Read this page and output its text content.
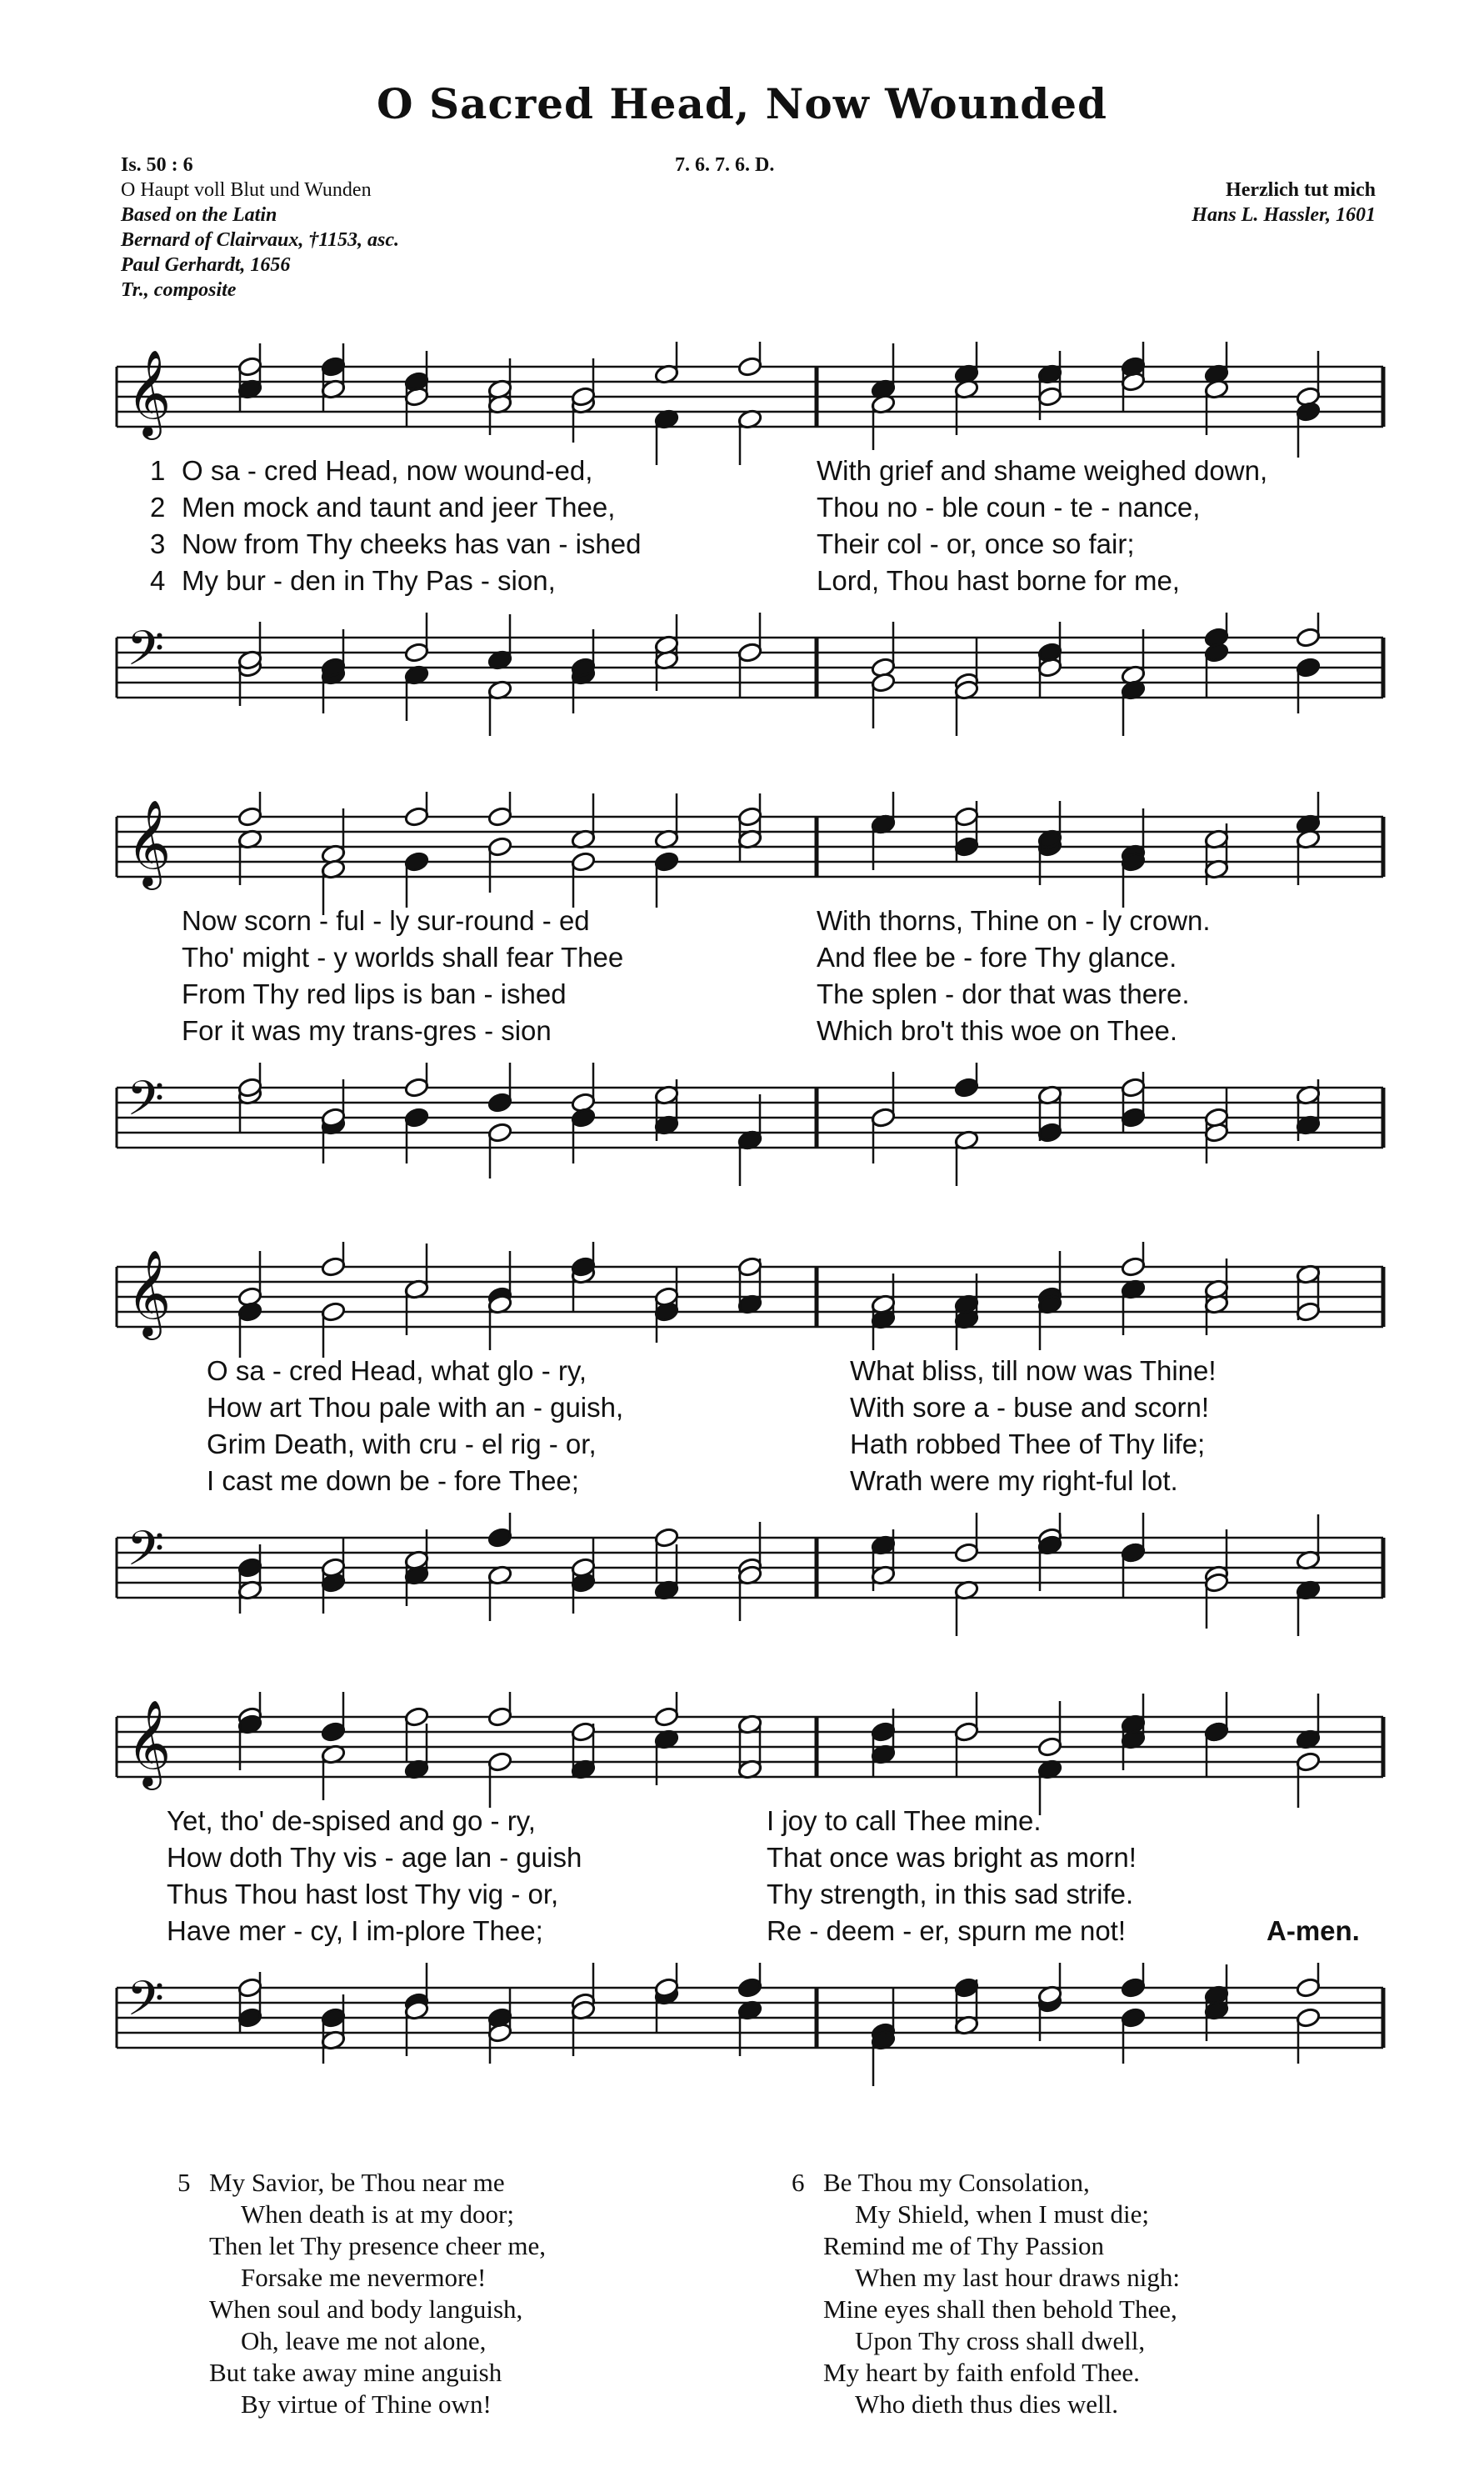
O Sacred Head, Now Wounded
Is. 50 : 6
O Haupt voll Blut und Wunden
Based on the Latin
Bernard of Clairvaux, †1153, asc.
Paul Gerhardt, 1656
Tr., composite
7. 6. 7. 6. D.
Herzlich tut mich
Hans L. Hassler, 1601
𝄞
1 O sa - cred Head, now wound-ed,	With grief and shame weighed down,
2 Men mock and taunt and jeer Thee,	Thou no - ble coun - te - nance,
3 Now from Thy cheeks has van - ished	Their col - or, once so fair;
4 My bur - den in Thy Pas - sion,	Lord, Thou hast borne for me,
𝄢
𝄞
Now scorn - ful - ly sur-round - ed	With thorns, Thine on - ly crown.
Tho' might - y worlds shall fear Thee	And flee be - fore Thy glance.
From Thy red lips is ban - ished	The splen - dor that was there.
For it was my trans-gres - sion	Which bro't this woe on Thee.
𝄢
𝄞
O sa - cred Head, what glo - ry,	What bliss, till now was Thine!
How art Thou pale with an - guish,	With sore a - buse and scorn!
Grim Death, with cru - el rig - or,	Hath robbed Thee of Thy life;
I cast me down be - fore Thee;	Wrath were my right-ful lot.
𝄢
𝄞
Yet, tho' de-spised and go - ry,	I joy to call Thee mine.
How doth Thy vis - age lan - guish	That once was bright as morn!
Thus Thou hast lost Thy vig - or,	Thy strength, in this sad strife.
Have mer - cy, I im-plore Thee;	Re - deem - er, spurn me not!	A-men.
𝄢
5 My Savior, be Thou near me
When death is at my door;
Then let Thy presence cheer me,
Forsake me nevermore!
When soul and body languish,
Oh, leave me not alone,
But take away mine anguish
By virtue of Thine own!
6 Be Thou my Consolation,
My Shield, when I must die;
Remind me of Thy Passion
When my last hour draws nigh:
Mine eyes shall then behold Thee,
Upon Thy cross shall dwell,
My heart by faith enfold Thee.
Who dieth thus dies well.
